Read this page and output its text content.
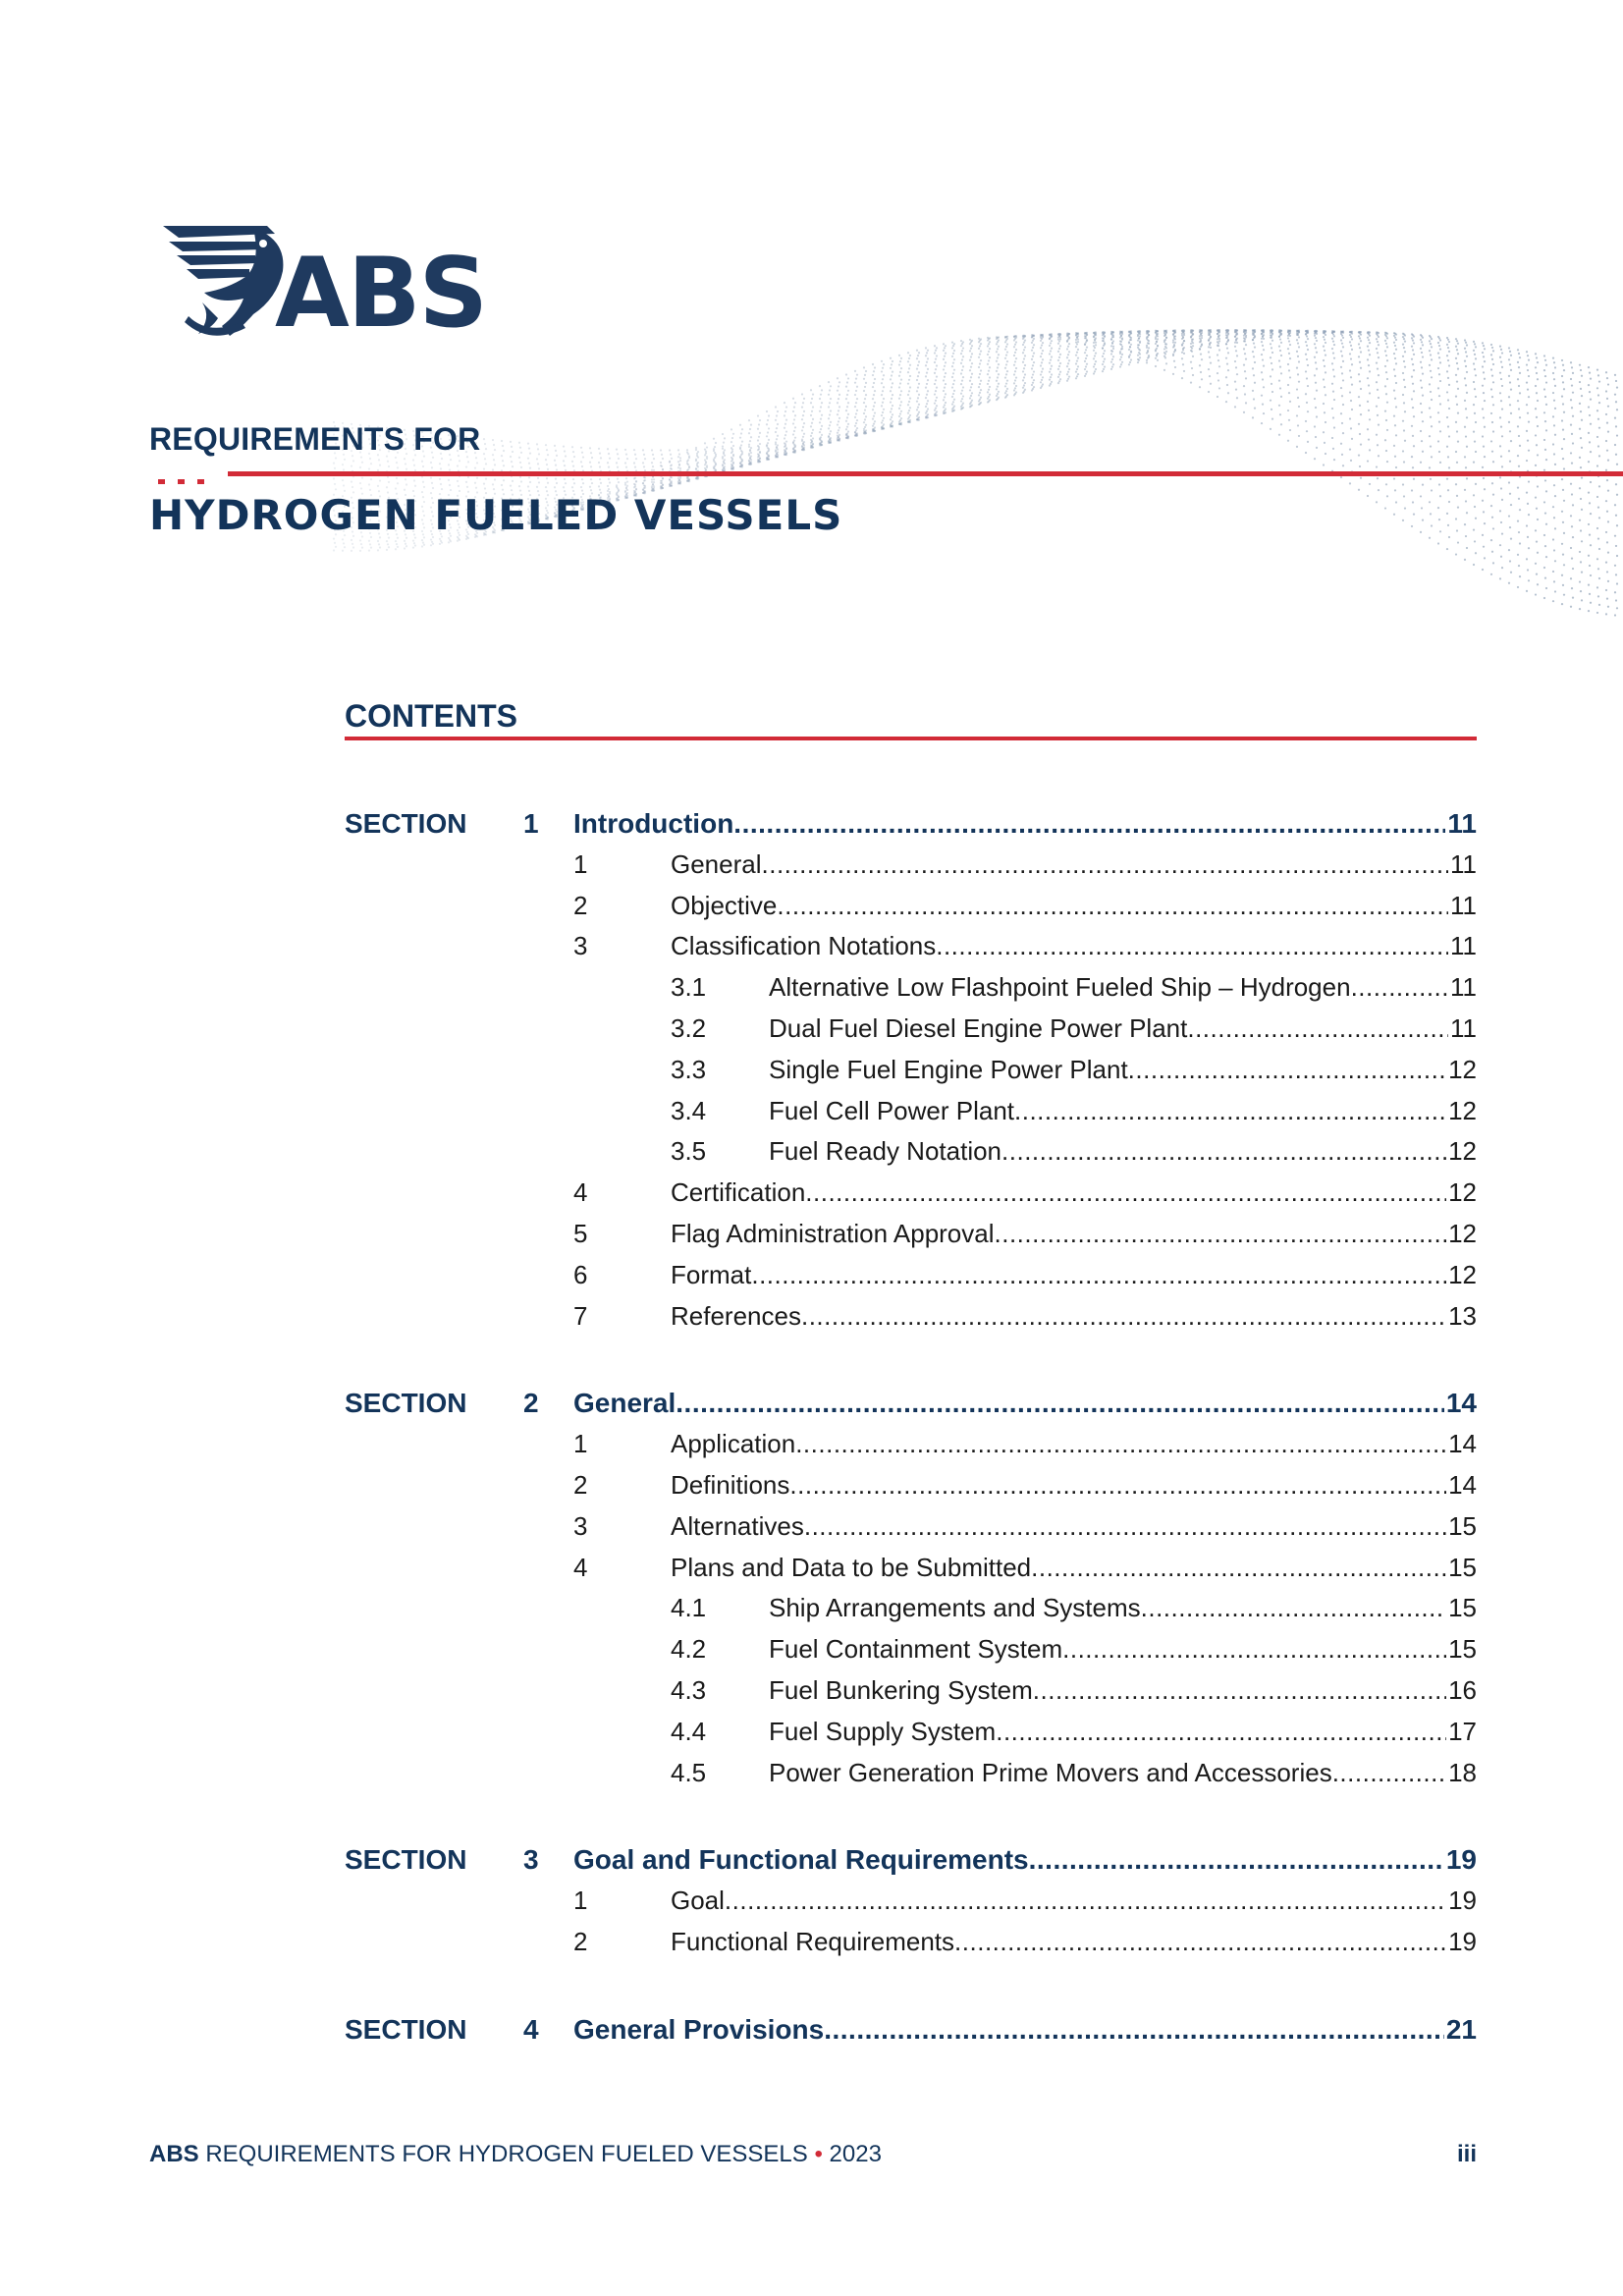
ABS
REQUIREMENTS FOR
HYDROGEN FUELED VESSELS
CONTENTS
SECTION 1 Introduction .....	11
1	General .....	11
2	Objective .....	11
3	Classification Notations .....	11
3.1 Alternative Low Flashpoint Fueled Ship – Hydrogen .....	11
3.2 Dual Fuel Diesel Engine Power Plant .....	11
3.3 Single Fuel Engine Power Plant .....	12
3.4 Fuel Cell Power Plant .....	12
3.5 Fuel Ready Notation .....	12
4	Certification .....	12
5	Flag Administration Approval .....	12
6	Format .....	12
7	References .....	13
SECTION 2 General .....	14
1	Application .....	14
2	Definitions .....	14
3	Alternatives .....	15
4	Plans and Data to be Submitted .....	15
4.1 Ship Arrangements and Systems .....	15
4.2 Fuel Containment System .....	15
4.3 Fuel Bunkering System .....	16
4.4 Fuel Supply System .....	17
4.5 Power Generation Prime Movers and Accessories .....	18
SECTION 3 Goal and Functional Requirements .....	19
1	Goal .....	19
2	Functional Requirements .....	19
SECTION 4 General Provisions .....	21
ABS REQUIREMENTS FOR HYDROGEN FUELED VESSELS • 2023	iii
